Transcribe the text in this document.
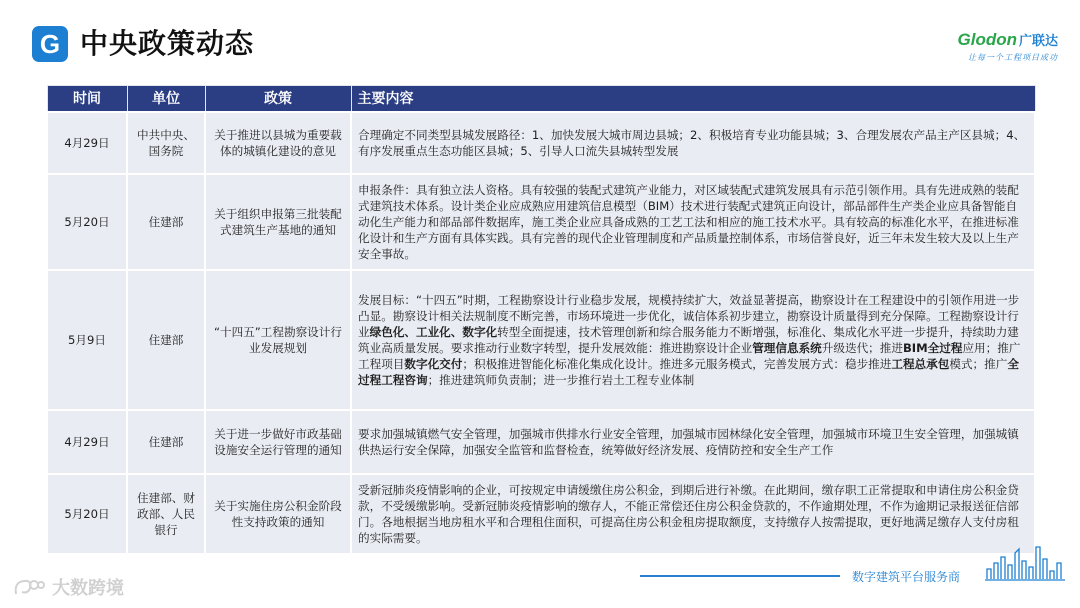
G 中央政策动态	Glodon 广联达
让每一个工程项目成功
时间	单位	政策	主要内容
4月29日	中共中央、国务院	关于推进以县城为重要载体的城镇化建设的意见	合理确定不同类型县城发展路径：1、加快发展大城市周边县城；2、积极培育专业功能县城；3、合理发展农产品主产区县城；4、有序发展重点生态功能区县城；5、引导人口流失县城转型发展
5月20日	住建部	关于组织申报第三批装配式建筑生产基地的通知	申报条件：具有独立法人资格。具有较强的装配式建筑产业能力，对区域装配式建筑发展具有示范引领作用。具有先进成熟的装配式建筑技术体系。设计类企业应成熟应用建筑信息模型（BIM）技术进行装配式建筑正向设计，部品部件生产类企业应具备智能自动化生产能力和部品部件数据库，施工类企业应具备成熟的工艺工法和相应的施工技术水平。具有较高的标准化水平，在推进标准化设计和生产方面有具体实践。具有完善的现代企业管理制度和产品质量控制体系，市场信誉良好，近三年未发生较大及以上生产安全事故。
5月9日	住建部	“十四五”工程勘察设计行业发展规划	发展目标：“十四五”时期，工程勘察设计行业稳步发展，规模持续扩大，效益显著提高，勘察设计在工程建设中的引领作用进一步凸显。勘察设计相关法规制度不断完善，市场环境进一步优化，诚信体系初步建立，勘察设计质量得到充分保障。工程勘察设计行业绿色化、工业化、数字化转型全面提速，技术管理创新和综合服务能力不断增强，标准化、集成化水平进一步提升，持续助力建筑业高质量发展。要求推动行业数字转型，提升发展效能：推进勘察设计企业管理信息系统升级迭代；推进BIM全过程应用；推广工程项目数字化交付；积极推进智能化标准化集成化设计。推进多元服务模式，完善发展方式：稳步推进工程总承包模式；推广全过程工程咨询；推进建筑师负责制；进一步推行岩土工程专业体制
4月29日	住建部	关于进一步做好市政基础设施安全运行管理的通知	要求加强城镇燃气安全管理，加强城市供排水行业安全管理，加强城市园林绿化安全管理，加强城市环境卫生安全管理，加强城镇供热运行安全保障，加强安全监管和监督检查，统筹做好经济发展、疫情防控和安全生产工作
5月20日	住建部、财政部、人民银行	关于实施住房公积金阶段性支持政策的通知	受新冠肺炎疫情影响的企业，可按规定申请缓缴住房公积金，到期后进行补缴。在此期间，缴存职工正常提取和申请住房公积金贷款，不受缓缴影响。受新冠肺炎疫情影响的缴存人，不能正常偿还住房公积金贷款的，不作逾期处理，不作为逾期记录报送征信部门。各地根据当地房租水平和合理租住面积，可提高住房公积金租房提取额度，支持缴存人按需提取，更好地满足缴存人支付房租的实际需要。
大数跨境
数字建筑平台服务商
